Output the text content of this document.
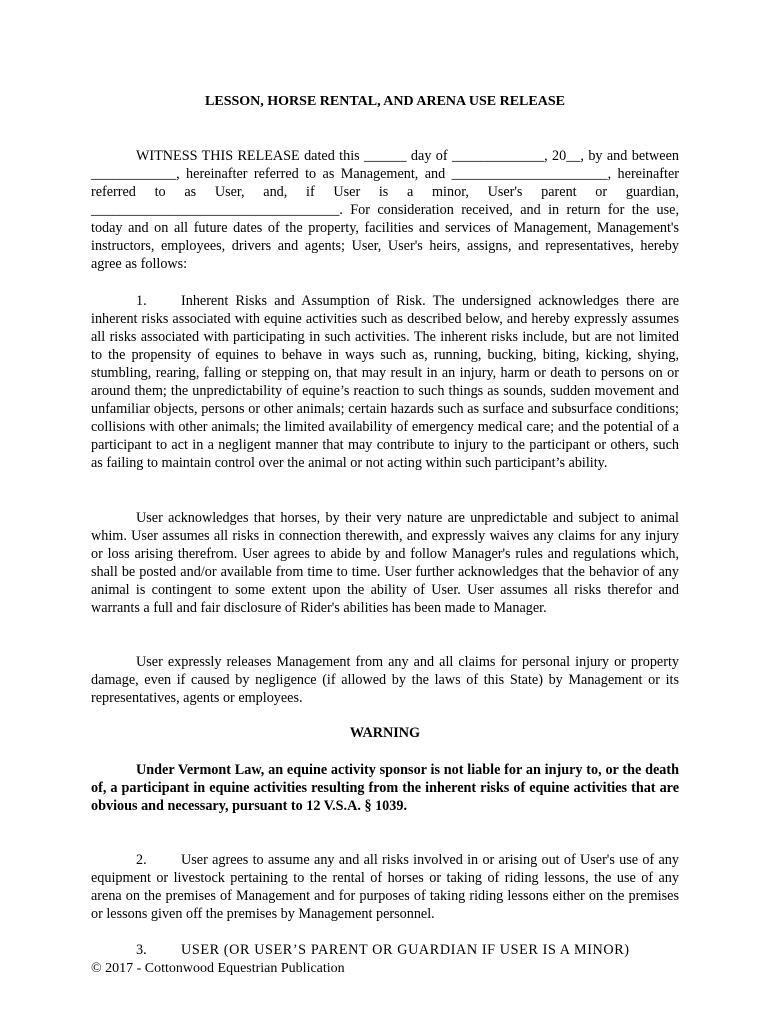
LESSON, HORSE RENTAL, AND ARENA USE RELEASE

WITNESS THIS RELEASE dated this ______ day of _____________, 20__, by and between ____________, hereinafter referred to as Management, and ______________________, hereinafter referred to as User, and, if User is a minor, User's parent or guardian, ___________________________________. For consideration received, and in return for the use, today and on all future dates of the property, facilities and services of Management, Management's instructors, employees, drivers and agents; User, User's heirs, assigns, and representatives, hereby agree as follows:

1. Inherent Risks and Assumption of Risk. The undersigned acknowledges there are inherent risks associated with equine activities such as described below, and hereby expressly assumes all risks associated with participating in such activities. The inherent risks include, but are not limited to the propensity of equines to behave in ways such as, running, bucking, biting, kicking, shying, stumbling, rearing, falling or stepping on, that may result in an injury, harm or death to persons on or around them; the unpredictability of equine’s reaction to such things as sounds, sudden movement and unfamiliar objects, persons or other animals; certain hazards such as surface and subsurface conditions; collisions with other animals; the limited availability of emergency medical care; and the potential of a participant to act in a negligent manner that may contribute to injury to the participant or others, such as failing to maintain control over the animal or not acting within such participant’s ability.

User acknowledges that horses, by their very nature are unpredictable and subject to animal whim. User assumes all risks in connection therewith, and expressly waives any claims for any injury or loss arising therefrom. User agrees to abide by and follow Manager's rules and regulations which, shall be posted and/or available from time to time. User further acknowledges that the behavior of any animal is contingent to some extent upon the ability of User. User assumes all risks therefor and warrants a full and fair disclosure of Rider's abilities has been made to Manager.

User expressly releases Management from any and all claims for personal injury or property damage, even if caused by negligence (if allowed by the laws of this State) by Management or its representatives, agents or employees.

WARNING

Under Vermont Law, an equine activity sponsor is not liable for an injury to, or the death of, a participant in equine activities resulting from the inherent risks of equine activities that are obvious and necessary, pursuant to 12 V.S.A. § 1039.

2. User agrees to assume any and all risks involved in or arising out of User's use of any equipment or livestock pertaining to the rental of horses or taking of riding lessons, the use of any arena on the premises of Management and for purposes of taking riding lessons either on the premises or lessons given off the premises by Management personnel.

3. USER (OR USER’S PARENT OR GUARDIAN IF USER IS A MINOR)

© 2017 - Cottonwood Equestrian Publication
